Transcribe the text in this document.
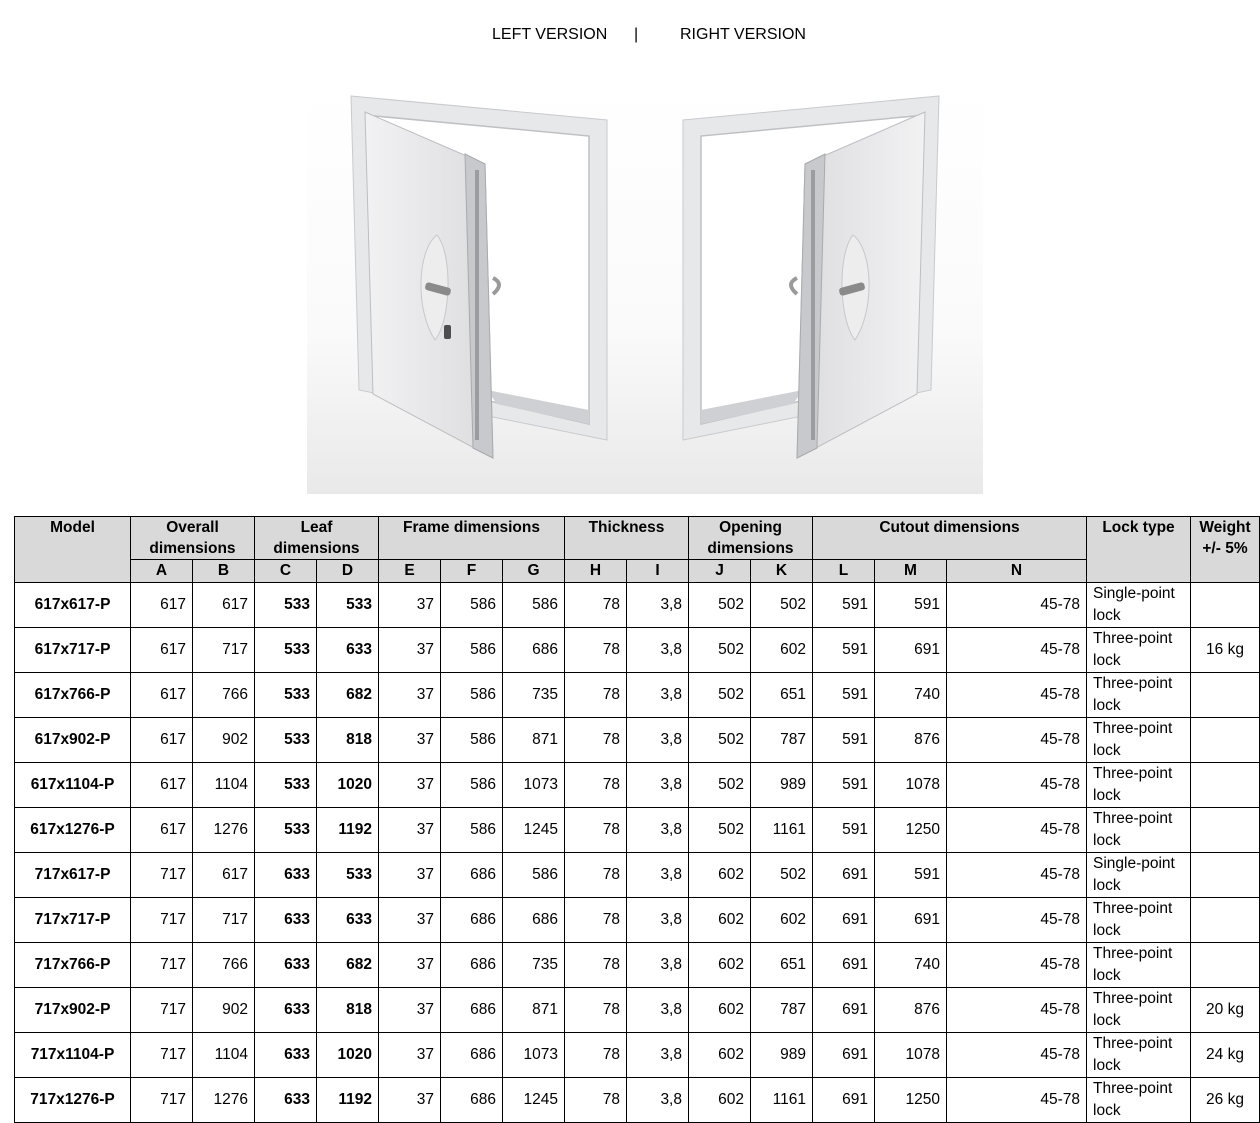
LEFT VERSION |	RIGHT VERSION
Model	Overall dimensions		Leaf dimensions		Frame dimensions			Thickness		Opening dimensions		Cutout dimensions			Lock type	Weight +/- 5%
	A	B	C	D	E	F	G	H	I	J	K	L	M	N		
617x617-P	617	617	533	533	37	586	586	78	3,8	502	502	591	591	45-78	Single-point lock	
617x717-P	617	717	533	633	37	586	686	78	3,8	502	602	591	691	45-78	Three-point lock	16 kg
617x766-P	617	766	533	682	37	586	735	78	3,8	502	651	591	740	45-78	Three-point lock	
617x902-P	617	902	533	818	37	586	871	78	3,8	502	787	591	876	45-78	Three-point lock	
617x1104-P	617	1104	533	1020	37	586	1073	78	3,8	502	989	591	1078	45-78	Three-point lock	
617x1276-P	617	1276	533	1192	37	586	1245	78	3,8	502	1161	591	1250	45-78	Three-point lock	
717x617-P	717	617	633	533	37	686	586	78	3,8	602	502	691	591	45-78	Single-point lock	
717x717-P	717	717	633	633	37	686	686	78	3,8	602	602	691	691	45-78	Three-point lock	
717x766-P	717	766	633	682	37	686	735	78	3,8	602	651	691	740	45-78	Three-point lock	
717x902-P	717	902	633	818	37	686	871	78	3,8	602	787	691	876	45-78	Three-point lock	20 kg
717x1104-P	717	1104	633	1020	37	686	1073	78	3,8	602	989	691	1078	45-78	Three-point lock	24 kg
717x1276-P	717	1276	633	1192	37	686	1245	78	3,8	602	1161	691	1250	45-78	Three-point lock	26 kg
